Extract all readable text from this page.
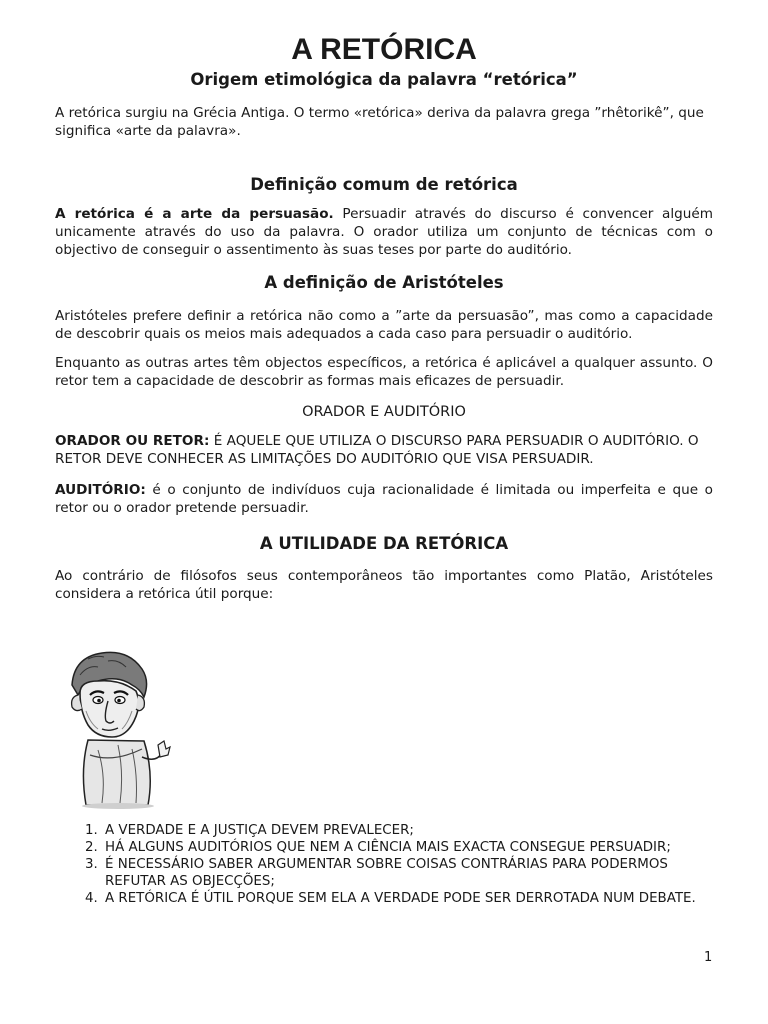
A RETÓRICA
Origem etimológica da palavra “retórica”

A retórica surgiu na Grécia Antiga. O termo «retórica» deriva da palavra grega ”rhêtorikê”, que significa «arte da palavra».

Definição comum de retórica

A retórica é a arte da persuasão. Persuadir através do discurso é convencer alguém unicamente através do uso da palavra. O orador utiliza um conjunto de técnicas com o objectivo de conseguir o assentimento às suas teses por parte do auditório.

A definição de Aristóteles

Aristóteles prefere definir a retórica não como a ”arte da persuasão”, mas como a capacidade de descobrir quais os meios mais adequados a cada caso para persuadir o auditório.

Enquanto as outras artes têm objectos específicos, a retórica é aplicável a qualquer assunto. O retor tem a capacidade de descobrir as formas mais eficazes de persuadir.

ORADOR E AUDITÓRIO

ORADOR OU RETOR: É AQUELE QUE UTILIZA O DISCURSO PARA PERSUADIR O AUDITÓRIO. O RETOR DEVE CONHECER AS LIMITAÇÕES DO AUDITÓRIO QUE VISA PERSUADIR.

AUDITÓRIO: é o conjunto de indivíduos cuja racionalidade é limitada ou imperfeita e que o retor ou o orador pretende persuadir.

A UTILIDADE DA RETÓRICA

Ao contrário de filósofos seus contemporâneos tão importantes como Platão, Aristóteles considera a retórica útil porque:

1. A VERDADE E A JUSTIÇA DEVEM PREVALECER;
2. HÁ ALGUNS AUDITÓRIOS QUE NEM A CIÊNCIA MAIS EXACTA CONSEGUE PERSUADIR;
3. É NECESSÁRIO SABER ARGUMENTAR SOBRE COISAS CONTRÁRIAS PARA PODERMOS REFUTAR AS OBJECÇÕES;
4. A RETÓRICA É ÚTIL PORQUE SEM ELA A VERDADE PODE SER DERROTADA NUM DEBATE.
1
